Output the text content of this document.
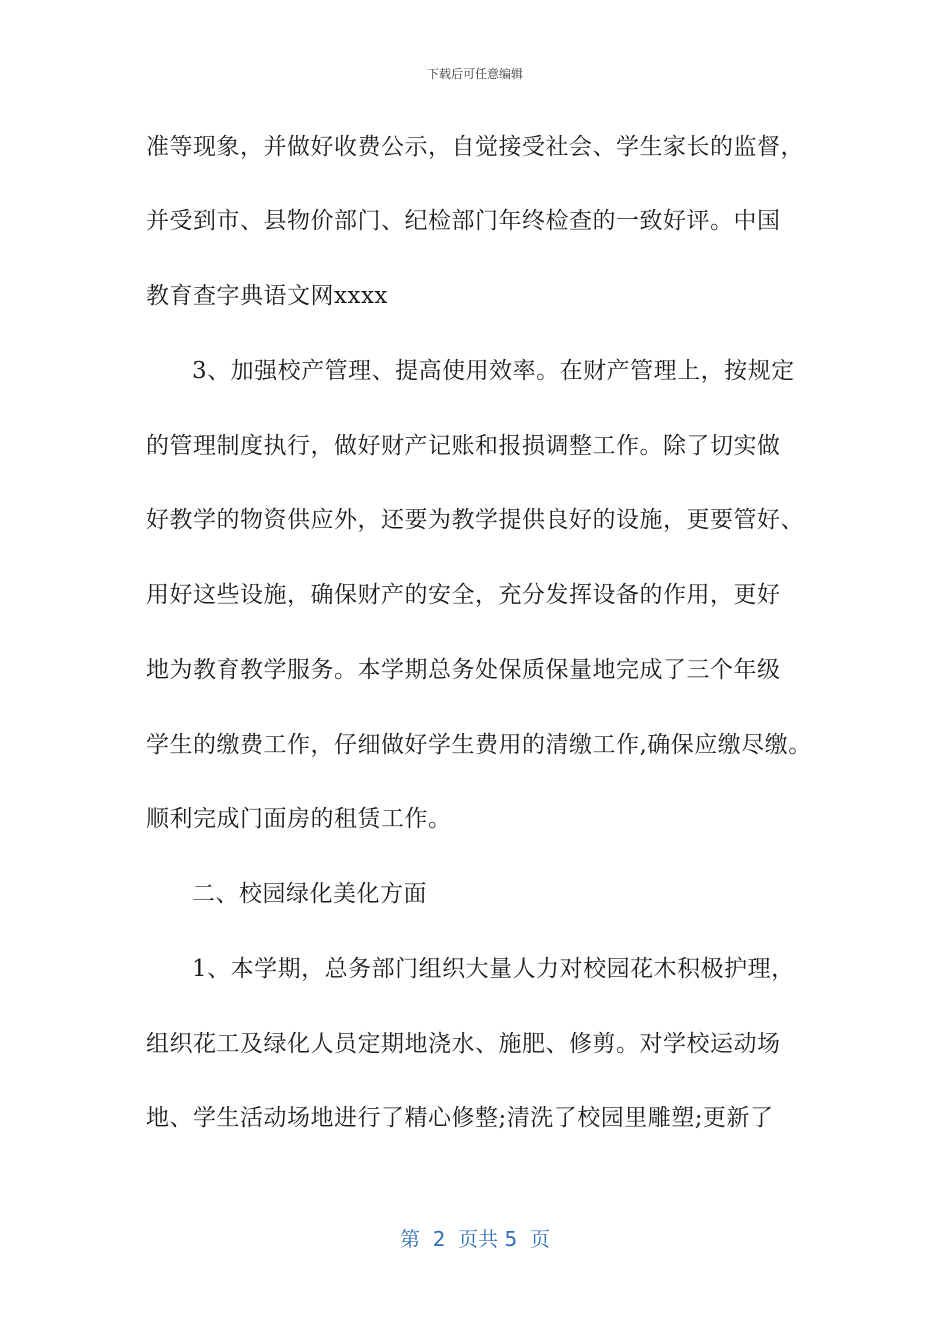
下载后可任意编辑
准等现象，并做好收费公示，自觉接受社会、学生家长的监督，
并受到市、县物价部门、纪检部门年终检查的一致好评。中国
教育查字典语文网xxxx
3、加强校产管理、提高使用效率。在财产管理上，按规定
的管理制度执行，做好财产记账和报损调整工作。除了切实做
好教学的物资供应外，还要为教学提供良好的设施，更要管好、
用好这些设施，确保财产的安全，充分发挥设备的作用，更好
地为教育教学服务。本学期总务处保质保量地完成了三个年级
学生的缴费工作，仔细做好学生费用的清缴工作,确保应缴尽缴。
顺利完成门面房的租赁工作。
二、校园绿化美化方面
1、本学期，总务部门组织大量人力对校园花木积极护理，
组织花工及绿化人员定期地浇水、施肥、修剪。对学校运动场
地、学生活动场地进行了精心修整;清洗了校园里雕塑;更新了
第  2  页共 5  页
